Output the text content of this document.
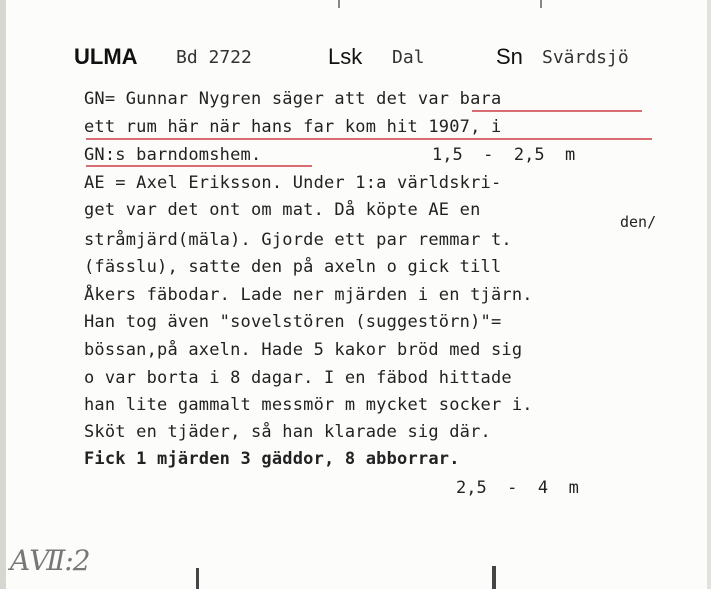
ULMA Bd 2722	Lsk Dal	Sn Svärdsjö
GN= Gunnar Nygren säger att det var bara
ett rum här när hans far kom hit 1907, i
GN:s barndomshem.
AE = Axel Eriksson. Under 1:a världskri-
get var det ont om mat. Då köpte AE en
stråmjärd(mäla). Gjorde ett par remmar t.
(fässlu), satte den på axeln o gick till
Åkers fäbodar. Lade ner mjärden i en tjärn.
Han tog även "sovelstören (suggestörn)"=
bössan,på axeln. Hade 5 kakor bröd med sig
o var borta i 8 dagar. I en fäbod hittade
han lite gammalt messmör m mycket socker i.
Sköt en tjäder, så han klarade sig där.
Fick 1 mjärden 3 gäddor, 8 abborrar.
den/
1,5  -  2,5  m
2,5  -  4  m
AⅦ:2
